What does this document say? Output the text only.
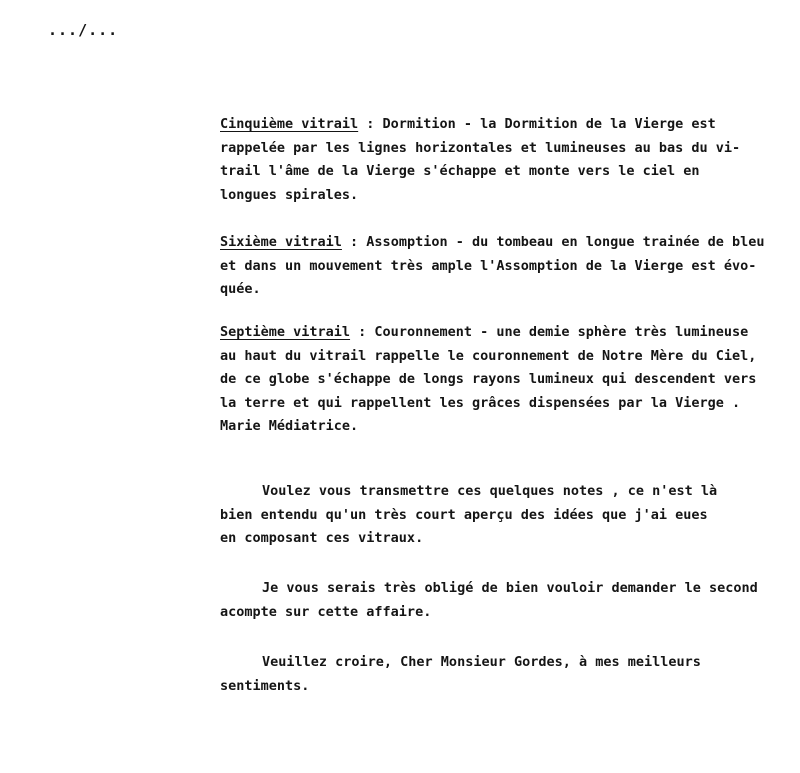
.../...
Cinquième vitrail : Dormition - la Dormition de la Vierge est
rappelée par les lignes horizontales et lumineuses au bas du vi-
trail l'âme de la Vierge s'échappe et monte vers le ciel en
longues spirales.
Sixième vitrail : Assomption - du tombeau en longue trainée de bleu
et dans un mouvement très ample l'Assomption de la Vierge est évo-
quée.
Septième vitrail : Couronnement - une demie sphère très lumineuse
au haut du vitrail rappelle le couronnement de Notre Mère du Ciel,
de ce globe s'échappe de longs rayons lumineux qui descendent vers
la terre et qui rappellent les grâces dispensées par la Vierge .
Marie Médiatrice.
Voulez vous transmettre ces quelques notes , ce n'est là
bien entendu qu'un très court aperçu des idées que j'ai eues
en composant ces vitraux.
Je vous serais très obligé de bien vouloir demander le second
acompte sur cette affaire.
Veuillez croire, Cher Monsieur Gordes, à mes meilleurs
sentiments.
